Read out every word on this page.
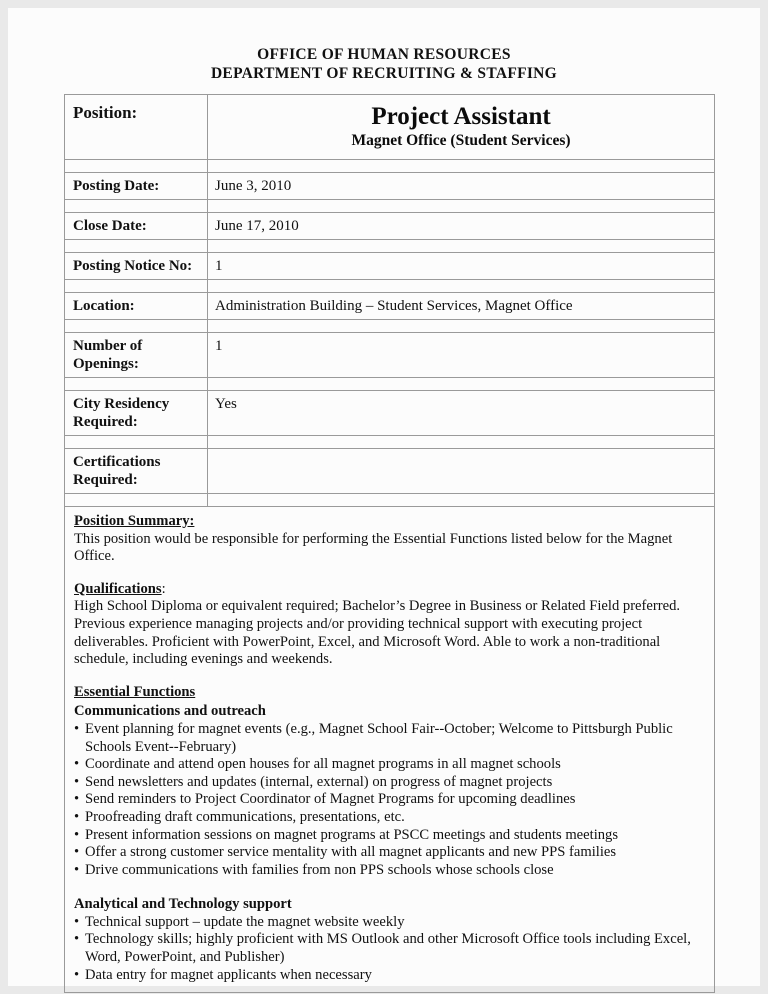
OFFICE OF HUMAN RESOURCES
DEPARTMENT OF RECRUITING & STAFFING
Position:	Project Assistant
Magnet Office (Student Services)
Posting Date:	June 3, 2010
Close Date:	June 17, 2010
Posting Notice No:	1
Location:	Administration Building – Student Services, Magnet Office
Number of Openings:
1
City Residency Required:
Yes
Certifications Required:
Position Summary:

This position would be responsible for performing the Essential Functions listed below for the Magnet Office.

Qualifications:

High School Diploma or equivalent required; Bachelor’s Degree in Business or Related Field preferred. Previous experience managing projects and/or providing technical support with executing project deliverables. Proficient with PowerPoint, Excel, and Microsoft Word. Able to work a non-traditional schedule, including evenings and weekends.

Essential Functions
Communications and outreach
• Event planning for magnet events (e.g., Magnet School Fair--October; Welcome to Pittsburgh Public Schools Event--February)
• Coordinate and attend open houses for all magnet programs in all magnet schools
• Send newsletters and updates (internal, external) on progress of magnet projects
• Send reminders to Project Coordinator of Magnet Programs for upcoming deadlines
• Proofreading draft communications, presentations, etc.
• Present information sessions on magnet programs at PSCC meetings and students meetings
• Offer a strong customer service mentality with all magnet applicants and new PPS families
• Drive communications with families from non PPS schools whose schools close
Analytical and Technology support
• Technical support – update the magnet website weekly
• Technology skills; highly proficient with MS Outlook and other Microsoft Office tools including Excel, Word, PowerPoint, and Publisher)
• Data entry for magnet applicants when necessary
